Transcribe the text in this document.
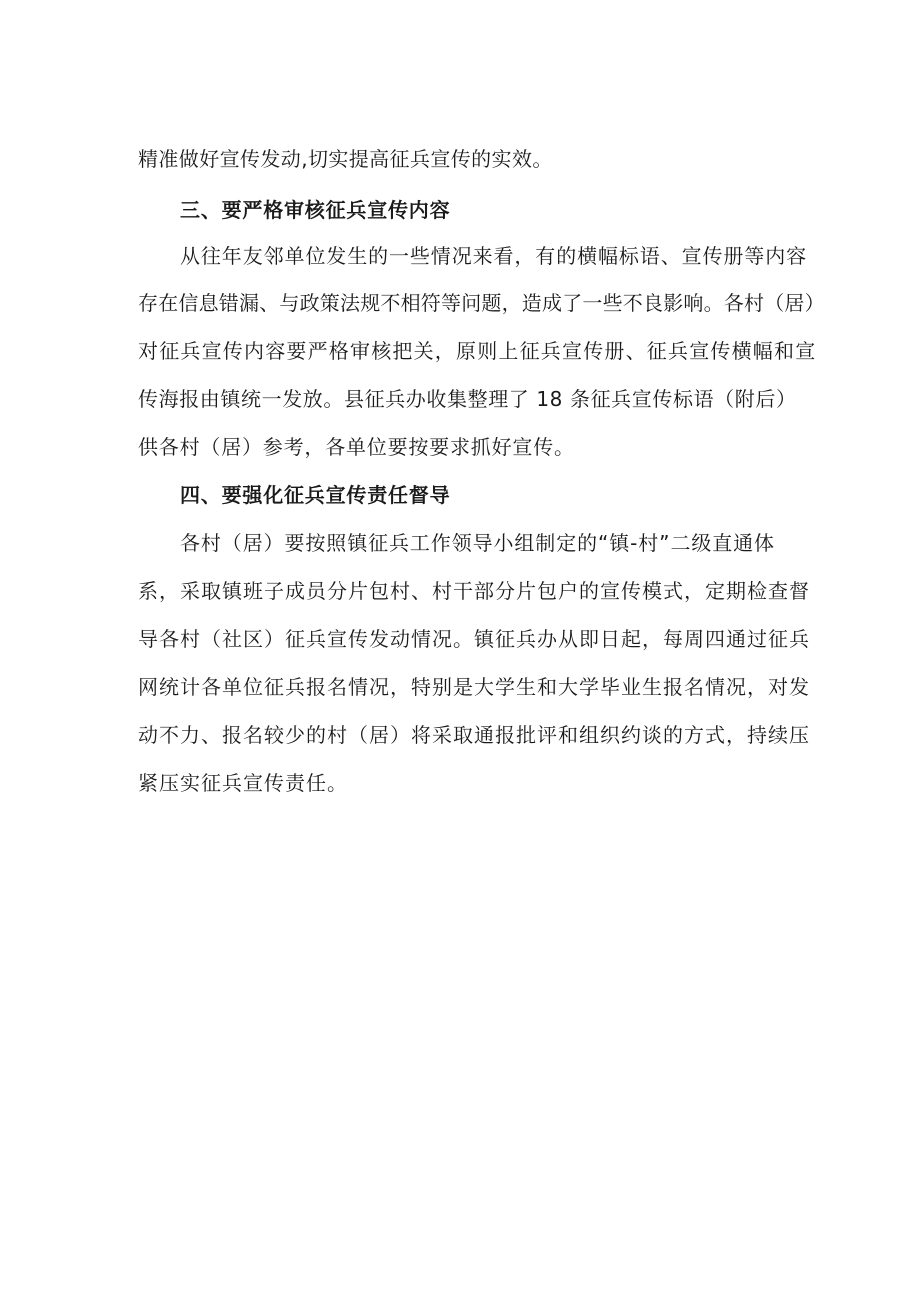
精准做好宣传发动,切实提高征兵宣传的实效。

三、要严格审核征兵宣传内容

从往年友邻单位发生的一些情况来看，有的横幅标语、宣传册等内容

存在信息错漏、与政策法规不相符等问题，造成了一些不良影响。各村（居）

对征兵宣传内容要严格审核把关，原则上征兵宣传册、征兵宣传横幅和宣

传海报由镇统一发放。县征兵办收集整理了 18 条征兵宣传标语（附后）

供各村（居）参考，各单位要按要求抓好宣传。

四、要强化征兵宣传责任督导

各村（居）要按照镇征兵工作领导小组制定的“镇-村”二级直通体

系，采取镇班子成员分片包村、村干部分片包户的宣传模式，定期检查督

导各村（社区）征兵宣传发动情况。镇征兵办从即日起，每周四通过征兵

网统计各单位征兵报名情况，特别是大学生和大学毕业生报名情况，对发

动不力、报名较少的村（居）将采取通报批评和组织约谈的方式，持续压

紧压实征兵宣传责任。
